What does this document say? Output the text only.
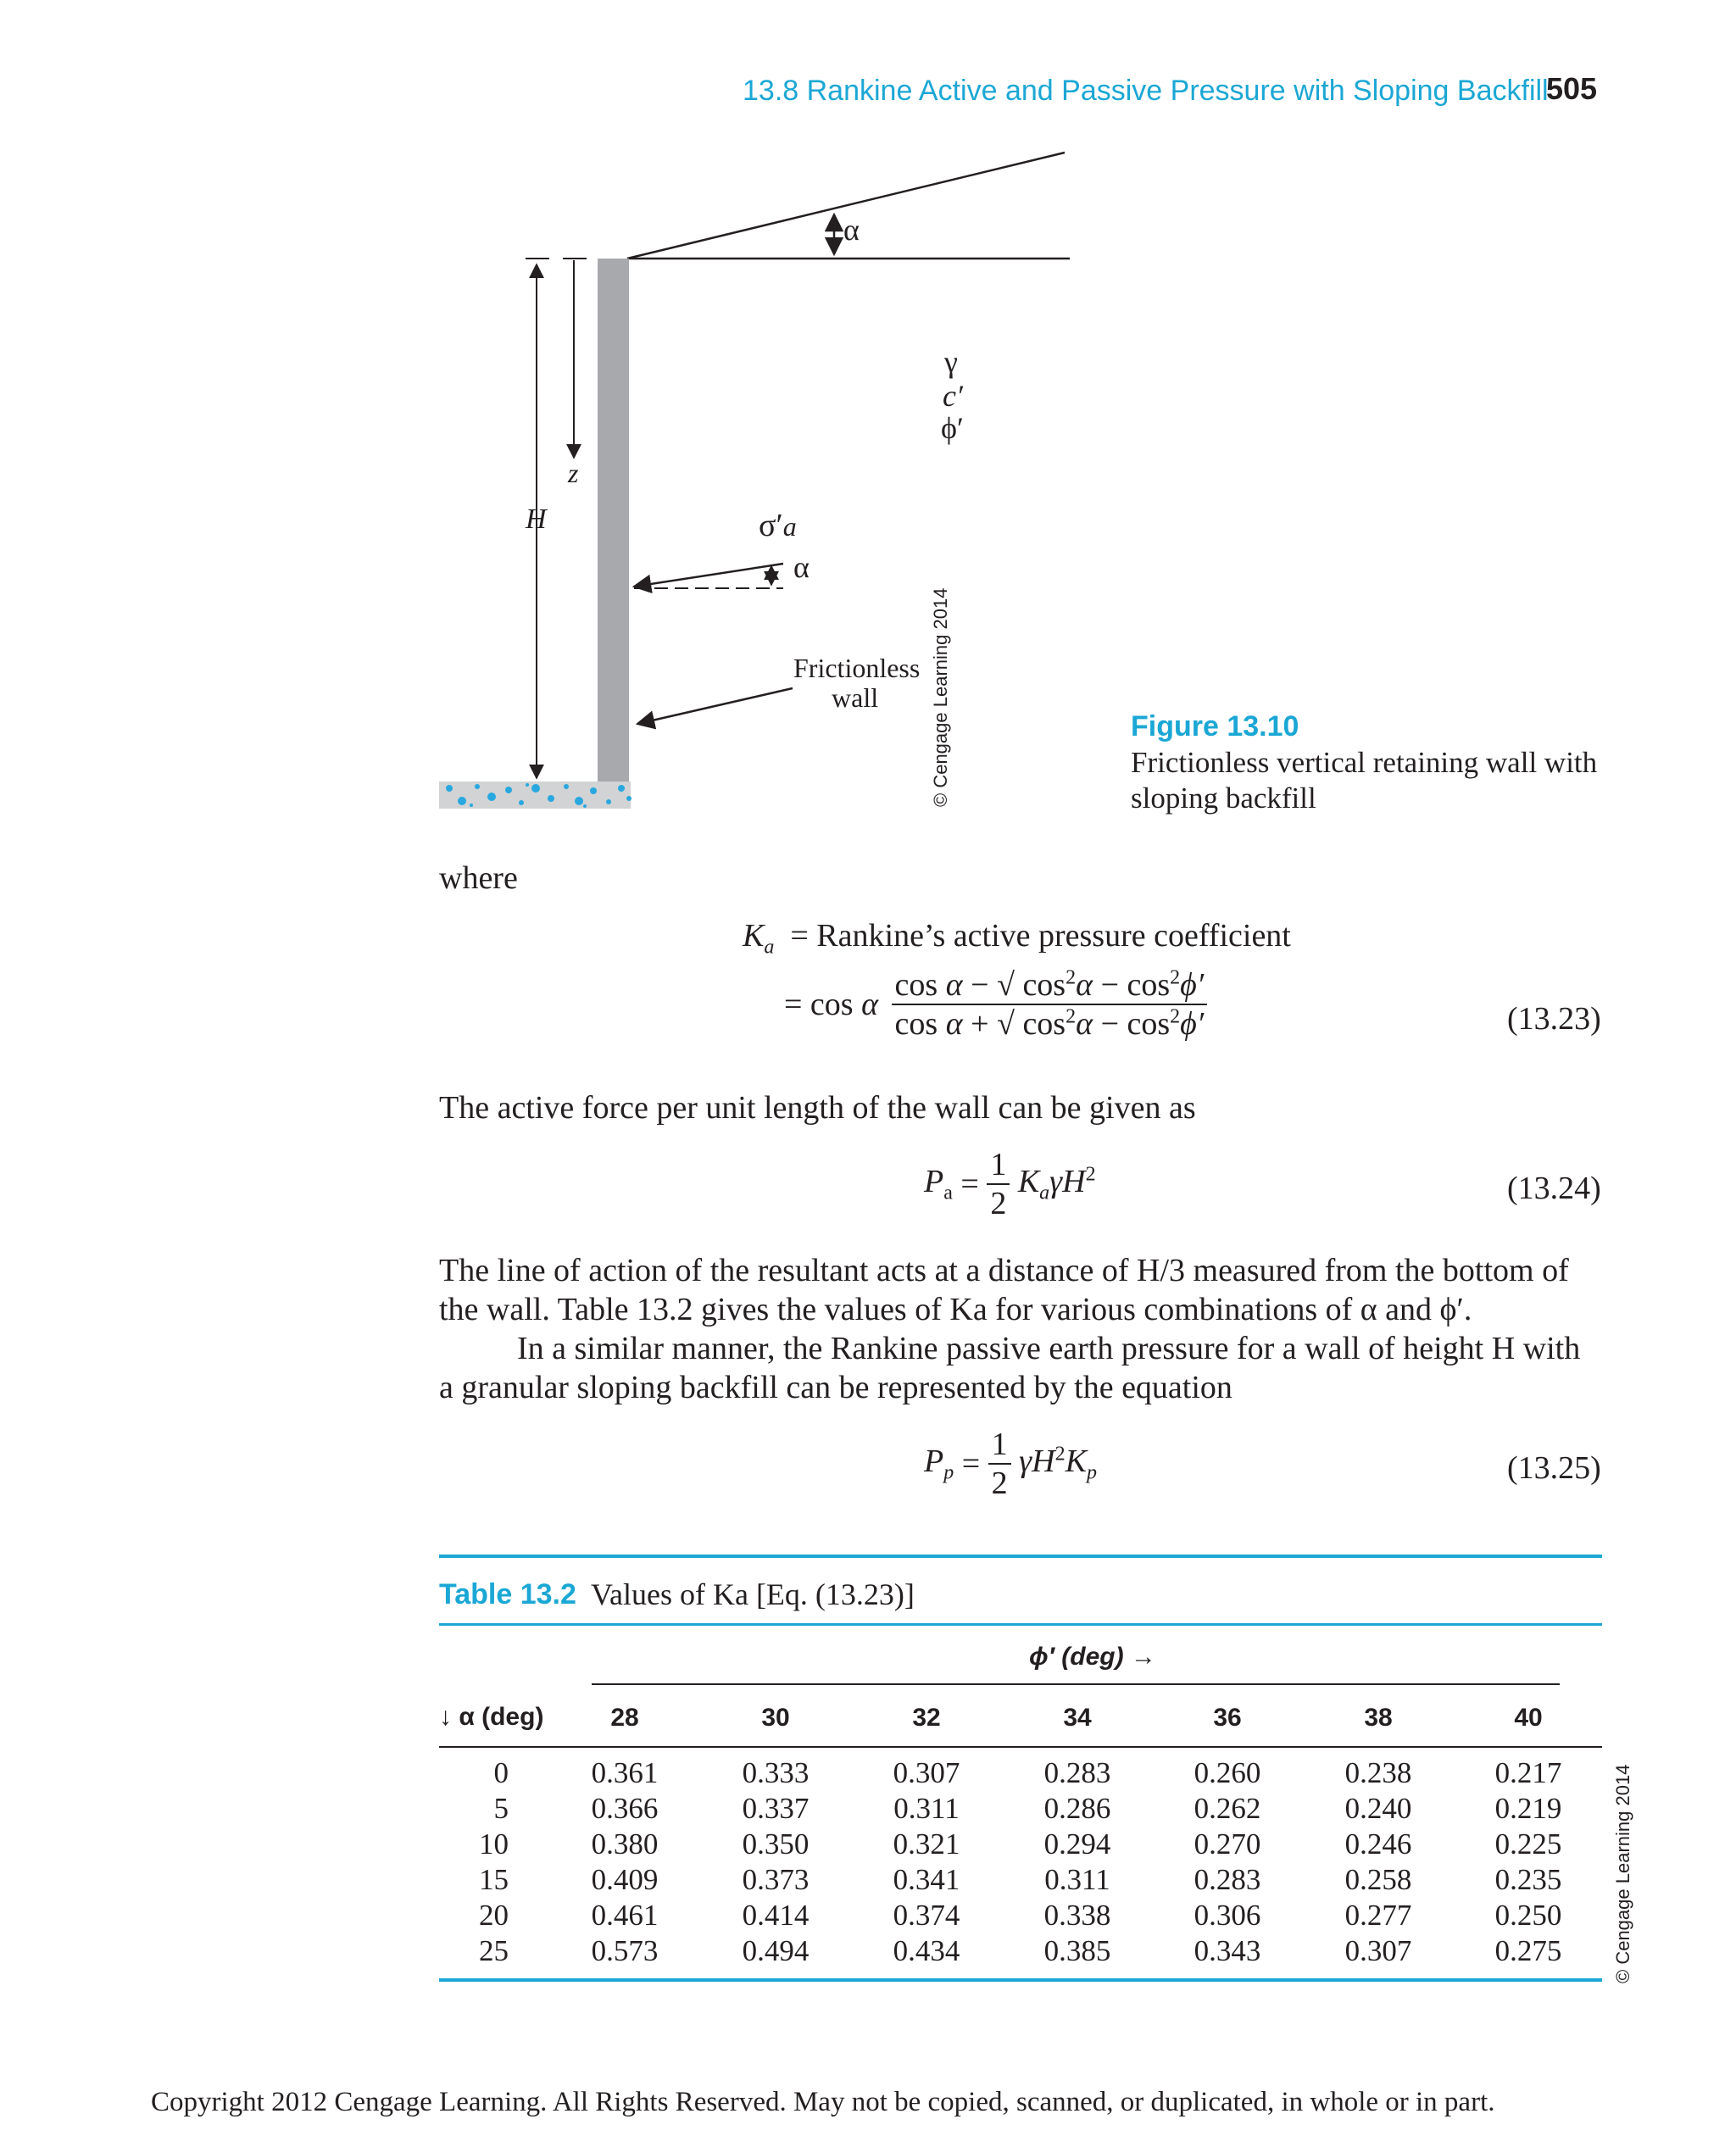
13.8 Rankine Active and Passive Pressure with Sloping Backfill
505
α
γ
c′
ϕ′
z
H	σ′a
α
Frictionless
wall	© Cengage Learning 2014	Figure 13.10
Frictionless vertical retaining wall with
sloping backfill
where
$K_a$  = Rankine’s active pressure coefficient
= cos α $\frac{\cos \alpha - √ \cos^2\alpha - \cos^2\phi'}{\cos \alpha + √ \cos^2\alpha - \cos^2\phi'}$	(13.23)
The active force per unit length of the wall can be given as
$P_a = \frac{1}{2} K_a\gamma H^2$	(13.24)
The line of action of the resultant acts at a distance of H/3 measured from the bottom of
the wall. Table 13.2 gives the values of Ka for various combinations of α and ϕ′.
In a similar manner, the Rankine passive earth pressure for a wall of height H with
a granular sloping backfill can be represented by the equation
$P_p = \frac{1}{2} \gamma H^2K_p$	(13.25)
Table 13.2 Values of Ka [Eq. (13.23)]
ϕ′ (deg) →
↓ α (deg)	28	30	32	34	36	38	40
0	0.361	0.333	0.307	0.283	0.260	0.238	0.217
5	0.366	0.337	0.311	0.286	0.262	0.240	0.219
10	0.380	0.350	0.321	0.294	0.270	0.246	0.225
15	0.409	0.373	0.341	0.311	0.283	0.258	0.235
20	0.461	0.414	0.374	0.338	0.306	0.277	0.250
25	0.573	0.494	0.434	0.385	0.343	0.307	0.275	© Cengage Learning 2014
Copyright 2012 Cengage Learning. All Rights Reserved. May not be copied, scanned, or duplicated, in whole or in part.
